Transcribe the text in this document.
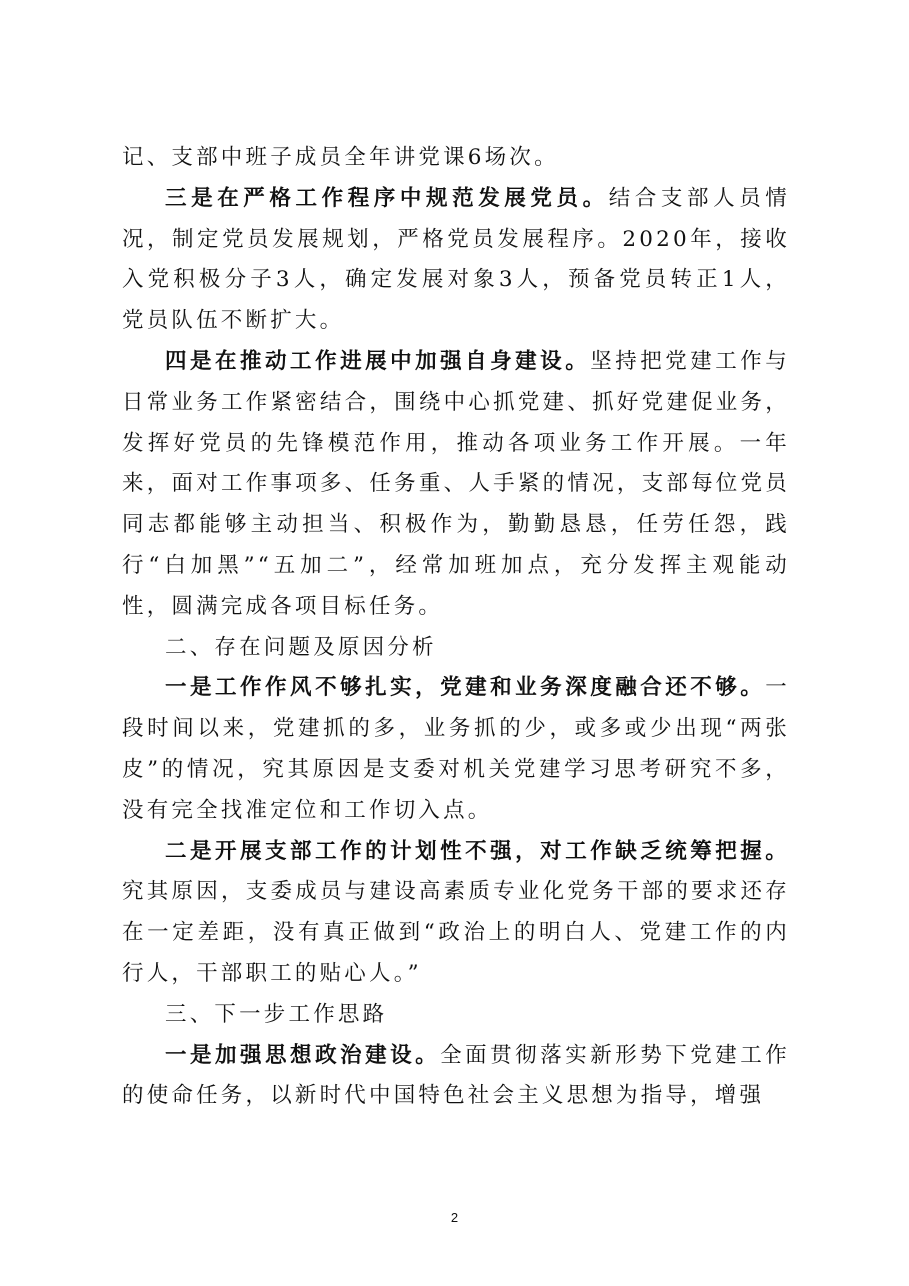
记、支部中班子成员全年讲党课6场次。

三是在严格工作程序中规范发展党员。结合支部人员情况，制定党员发展规划，严格党员发展程序。2020年，接收入党积极分子3人，确定发展对象3人，预备党员转正1人，党员队伍不断扩大。

四是在推动工作进展中加强自身建设。坚持把党建工作与日常业务工作紧密结合，围绕中心抓党建、抓好党建促业务，发挥好党员的先锋模范作用，推动各项业务工作开展。一年来，面对工作事项多、任务重、人手紧的情况，支部每位党员同志都能够主动担当、积极作为，勤勤恳恳，任劳任怨，践行“白加黑”“五加二”，经常加班加点，充分发挥主观能动性，圆满完成各项目标任务。

二、存在问题及原因分析

一是工作作风不够扎实，党建和业务深度融合还不够。一段时间以来，党建抓的多，业务抓的少，或多或少出现“两张皮”的情况，究其原因是支委对机关党建学习思考研究不多，没有完全找准定位和工作切入点。

二是开展支部工作的计划性不强，对工作缺乏统筹把握。究其原因，支委成员与建设高素质专业化党务干部的要求还存在一定差距，没有真正做到“政治上的明白人、党建工作的内行人，干部职工的贴心人。”

三、下一步工作思路

一是加强思想政治建设。全面贯彻落实新形势下党建工作的使命任务，以新时代中国特色社会主义思想为指导，增强

2
